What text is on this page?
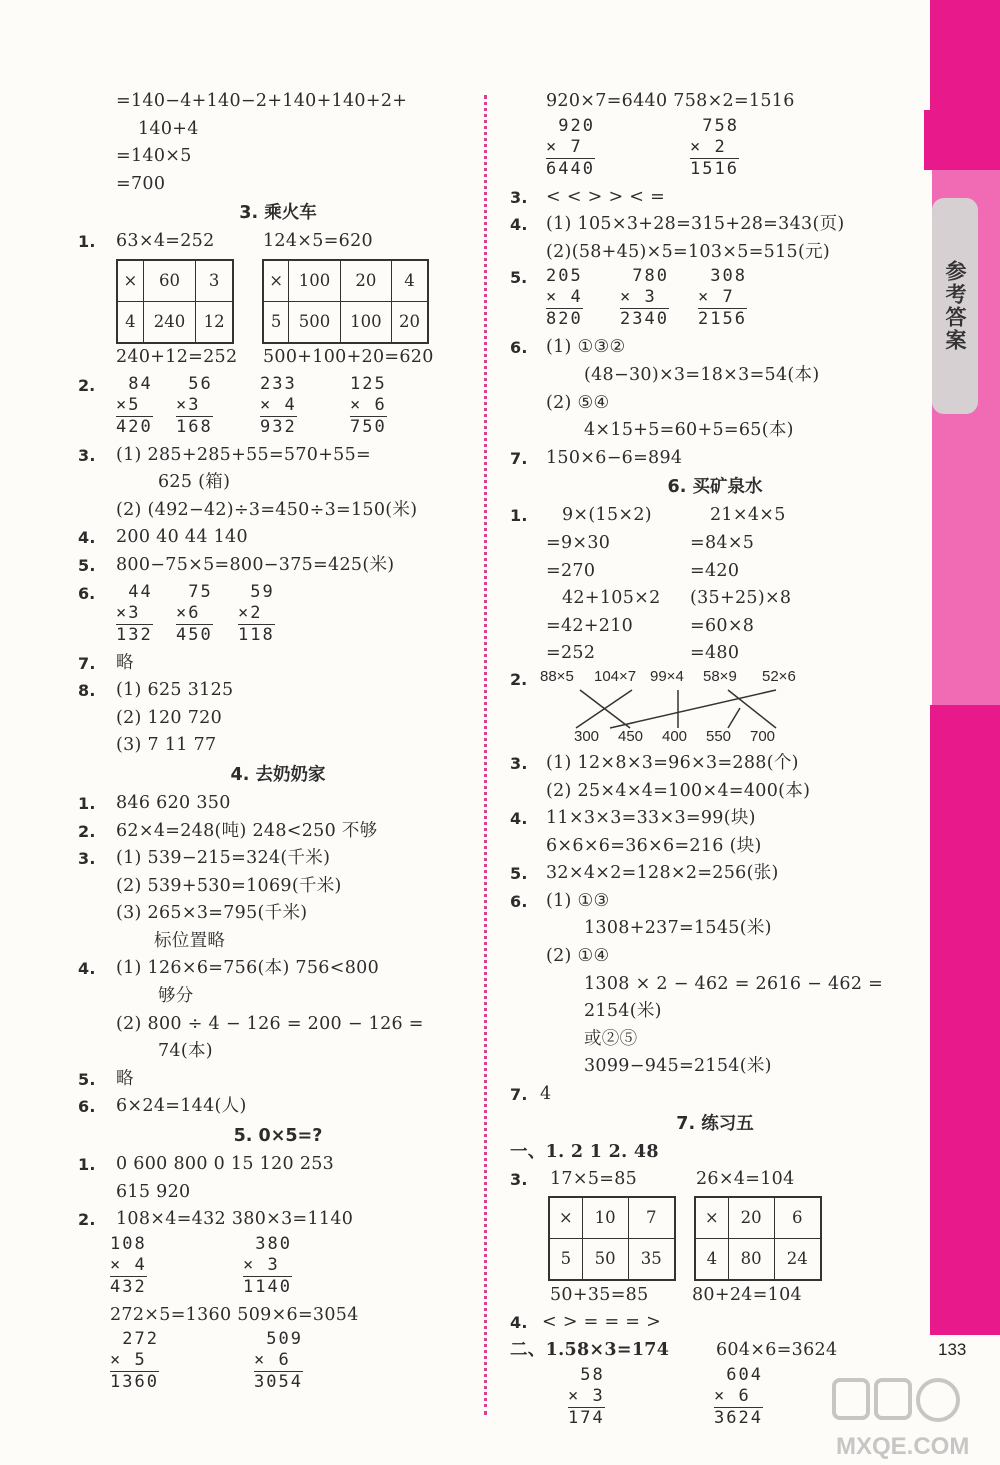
参考答案
133
=140−4+140−2+140+140+2+
140+4
=140×5
=700
3. 乘火车
1. 63×4=252	124×5=620
×	60	3
4	240	12
×	100	20	4
5	500	100	20
240+12=252 500+100+20=620
2.	84
×5
420
56
×3
168
233
× 4
932
125
× 6
750
3. (1) 285+285+55=570+55=
625 (箱)
(2) (492−42)÷3=450÷3=150(米)
4. 200 40 44 140
5. 800−75×5=800−375=425(米)
6.	44
×3
132
75
×6
450
59
×2
118
7. 略
8. (1) 625 3125
(2) 120 720
(3) 7 11 77
4. 去奶奶家
1. 846 620 350
2. 62×4=248(吨) 248<250 不够
3. (1) 539−215=324(千米)
(2) 539+530=1069(千米)
(3) 265×3=795(千米)
标位置略
4. (1) 126×6=756(本) 756<800
够分
(2) 800 ÷ 4 − 126 = 200 − 126 =
74(本)
5. 略
6. 6×24=144(人)
5. 0×5=?
1. 0 600 800 0 15 120 253
615 920
2. 108×4=432 380×3=1140
108
× 4
432
380
× 3
1140
272×5=1360 509×6=3054
272
× 5
1360
509
× 6
3054
920×7=6440 758×2=1516
920
× 7
6440
758
× 2
1516
3. < < > > < =
4. (1) 105×3+28=315+28=343(页)
(2)(58+45)×5=103×5=515(元)
5. 205
× 4
820
780
× 3
2340
308
× 7
2156
6. (1) ①③②
(48−30)×3=18×3=54(本)
(2) ⑤④
4×15+5=60+5=65(本)
7. 150×6−6=894
6. 买矿泉水
1. 9×(15×2)	21×4×5
=9×30	=84×5
=270	=420
42+105×2 (35+25)×8
=42+210	=60×8
=252	=480
2. 88×5 104×7 99×4 58×9 52×6
300 450 400 550 700
3. (1) 12×8×3=96×3=288(个)
(2) 25×4×4=100×4=400(本)
4. 11×3×3=33×3=99(块)
6×6×6=36×6=216 (块)
5. 32×4×2=128×2=256(张)
6. (1) ①③
1308+237=1545(米)
(2) ①④
1308 × 2 − 462 = 2616 − 462 =
2154(米)
或②⑤
3099−945=2154(米)
7. 4
7. 练习五
一、1. 2 1 2. 48
3. 17×5=85	26×4=104
×	10	7
5	50	35
×	20	6
4	80	24
50+35=85 80+24=104
4. < > = = = >
二、1.58×3=174	604×6=3624
58
× 3
174
604
× 6
3624
MXQE.COM
